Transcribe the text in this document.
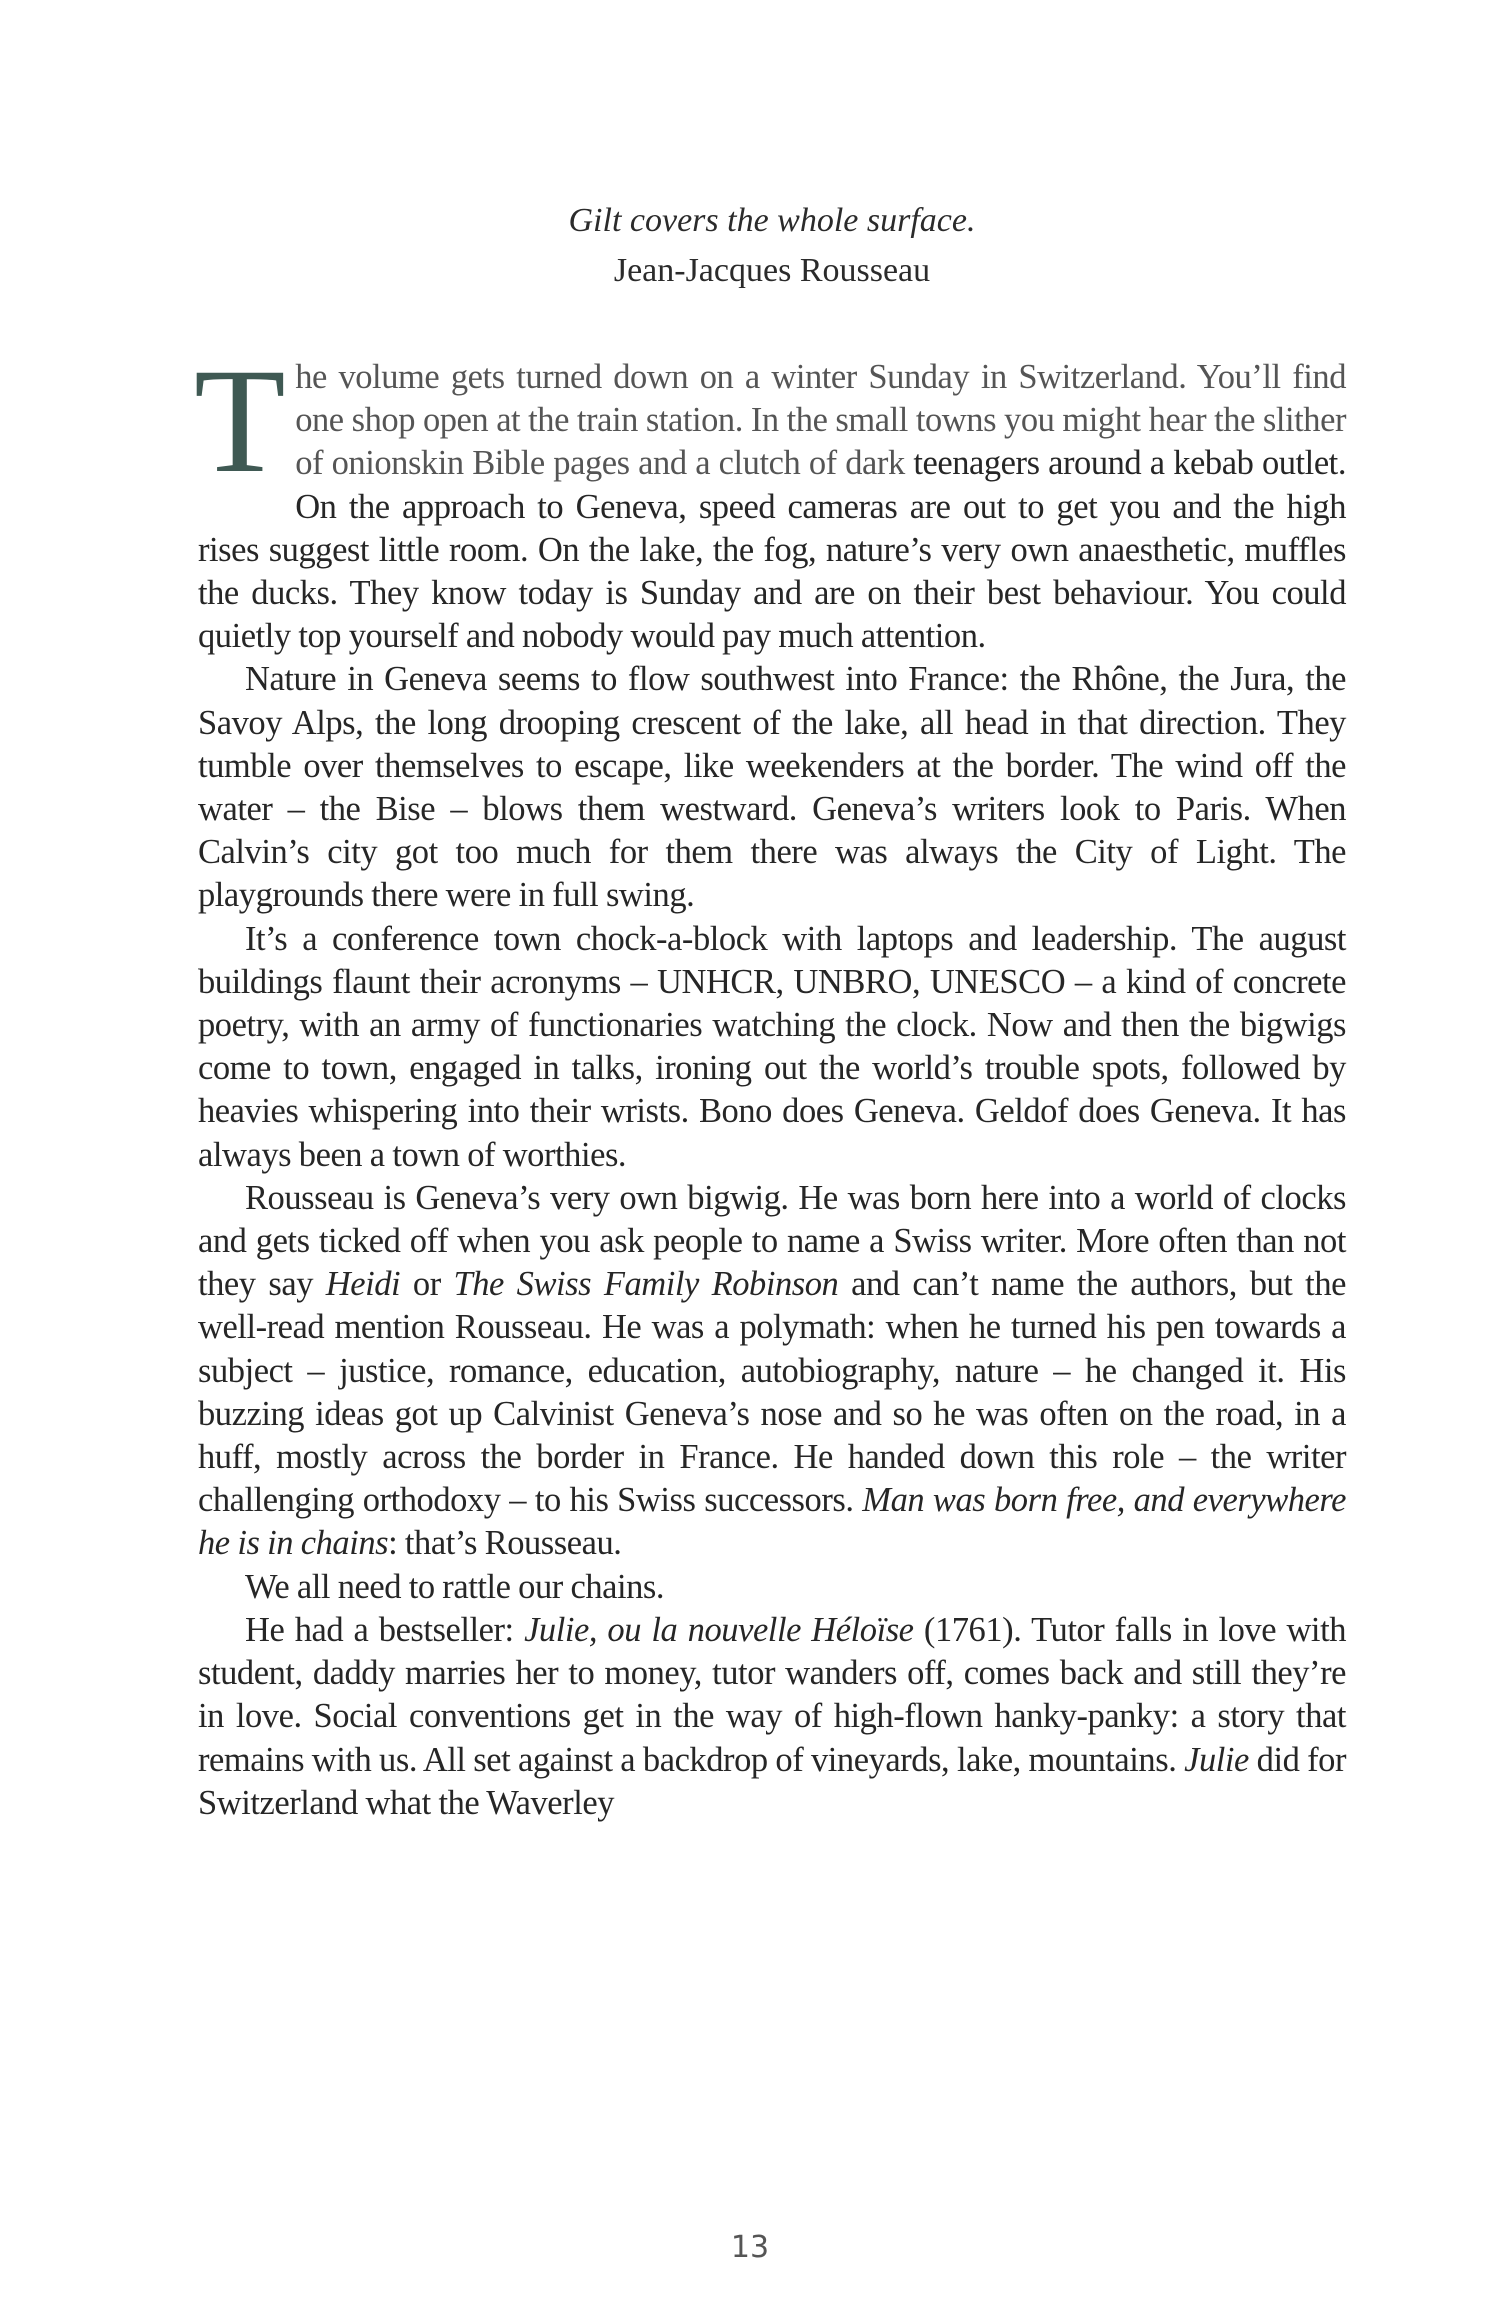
Gilt covers the whole surface.
Jean-Jacques Rousseau

The volume gets turned down on a winter Sunday in Switzerland. You’ll find one shop open at the train station. In the small towns you might hear the slither of onionskin Bible pages and a clutch of dark teenagers around a kebab outlet. On the approach to Geneva, speed cameras are out to get you and the high rises suggest little room. On the lake, the fog, nature’s very own anaesthetic, muffles the ducks. They know today is Sunday and are on their best behaviour. You could quietly top yourself and nobody would pay much attention.

Nature in Geneva seems to flow southwest into France: the Rhône, the Jura, the Savoy Alps, the long drooping crescent of the lake, all head in that direction. They tumble over themselves to escape, like weekenders at the border. The wind off the water – the Bise – blows them westward. Geneva’s writers look to Paris. When Calvin’s city got too much for them there was always the City of Light. The playgrounds there were in full swing.

It’s a conference town chock-a-block with laptops and leadership. The august buildings flaunt their acronyms – UNHCR, UNBRO, UNESCO – a kind of concrete poetry, with an army of functionaries watching the clock. Now and then the bigwigs come to town, engaged in talks, ironing out the world’s trouble spots, followed by heavies whispering into their wrists. Bono does Geneva. Geldof does Geneva. It has always been a town of worthies.

Rousseau is Geneva’s very own bigwig. He was born here into a world of clocks and gets ticked off when you ask people to name a Swiss writer. More often than not they say Heidi or The Swiss Family Robinson and can’t name the authors, but the well-read mention Rousseau. He was a polymath: when he turned his pen towards a subject – justice, romance, education, autobiography, nature – he changed it. His buzzing ideas got up Calvinist Geneva’s nose and so he was often on the road, in a huff, mostly across the border in France. He handed down this role – the writer challenging orthodoxy – to his Swiss successors. Man was born free, and everywhere he is in chains: that’s Rousseau.

We all need to rattle our chains.

He had a bestseller: Julie, ou la nouvelle Héloïse (1761). Tutor falls in love with student, daddy marries her to money, tutor wanders off, comes back and still they’re in love. Social conventions get in the way of high-flown hanky-panky: a story that remains with us. All set against a backdrop of vineyards, lake, mountains. Julie did for Switzerland what the Waverley

13
